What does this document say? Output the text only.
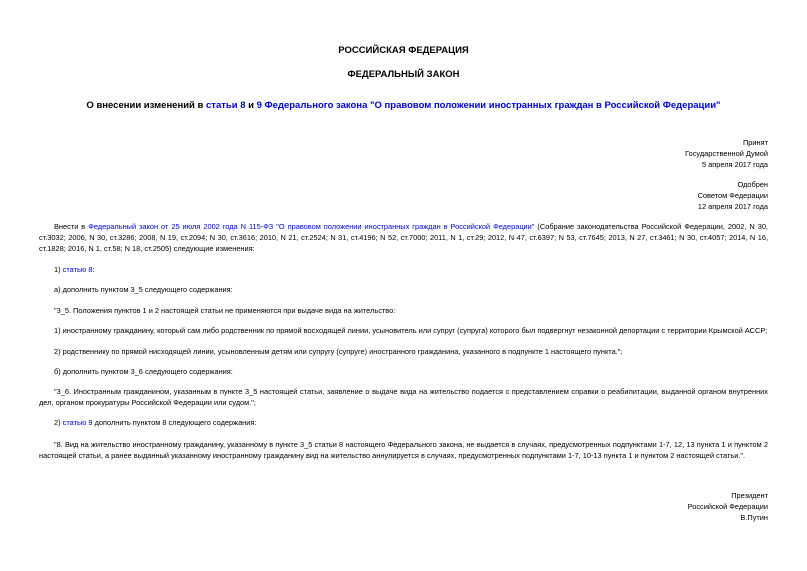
РОССИЙСКАЯ ФЕДЕРАЦИЯ
ФЕДЕРАЛЬНЫЙ ЗАКОН
О внесении изменений в статьи 8 и 9 Федерального закона "О правовом положении иностранных граждан в Российской Федерации"
Принят
Государственной Думой
5 апреля 2017 года
Одобрен
Советом Федерации
12 апреля 2017 года
Внести в Федеральный закон от 25 июля 2002 года N 115-ФЗ "О правовом положении иностранных граждан в Российской Федерации" (Собрание законодательства Российской Федерации, 2002, N 30, ст.3032; 2006, N 30, ст.3286; 2008, N 19, ст.2094; N 30, ст.3616; 2010, N 21, ст.2524; N 31, ст.4196; N 52, ст.7000; 2011, N 1, ст.29; 2012, N 47, ст.6397; N 53, ст.7645; 2013, N 27, ст.3461; N 30, ст.4057; 2014, N 16, ст.1828; 2016, N 1, ст.58; N 18, ст.2505) следующие изменения:
1) статью 8:
а) дополнить пунктом 3_5 следующего содержания:
"3_5. Положения пунктов 1 и 2 настоящей статьи не применяются при выдаче вида на жительство:
1) иностранному гражданину, который сам либо родственник по прямой восходящей линии, усыновитель или супруг (супруга) которого был подвергнут незаконной депортации с территории Крымской АССР;
2) родственнику по прямой нисходящей линии, усыновленным детям или супругу (супруге) иностранного гражданина, указанного в подпункте 1 настоящего пункта.";
б) дополнить пунктом 3_6 следующего содержания:
"3_6. Иностранным гражданином, указанным в пункте 3_5 настоящей статьи, заявление о выдаче вида на жительство подается с представлением справки о реабилитации, выданной органом внутренних дел, органом прокуратуры Российской Федерации или судом.";
2) статью 9 дополнить пунктом 8 следующего содержания:
"8. Вид на жительство иностранному гражданину, указанному в пункте 3_5 статьи 8 настоящего Федерального закона, не выдается в случаях, предусмотренных подпунктами 1-7, 12, 13 пункта 1 и пунктом 2 настоящей статьи, а ранее выданный указанному иностранному гражданину вид на жительство аннулируется в случаях, предусмотренных подпунктами 1-7, 10-13 пункта 1 и пунктом 2 настоящей статьи.".
Президент
Российской Федерации
В.Путин
